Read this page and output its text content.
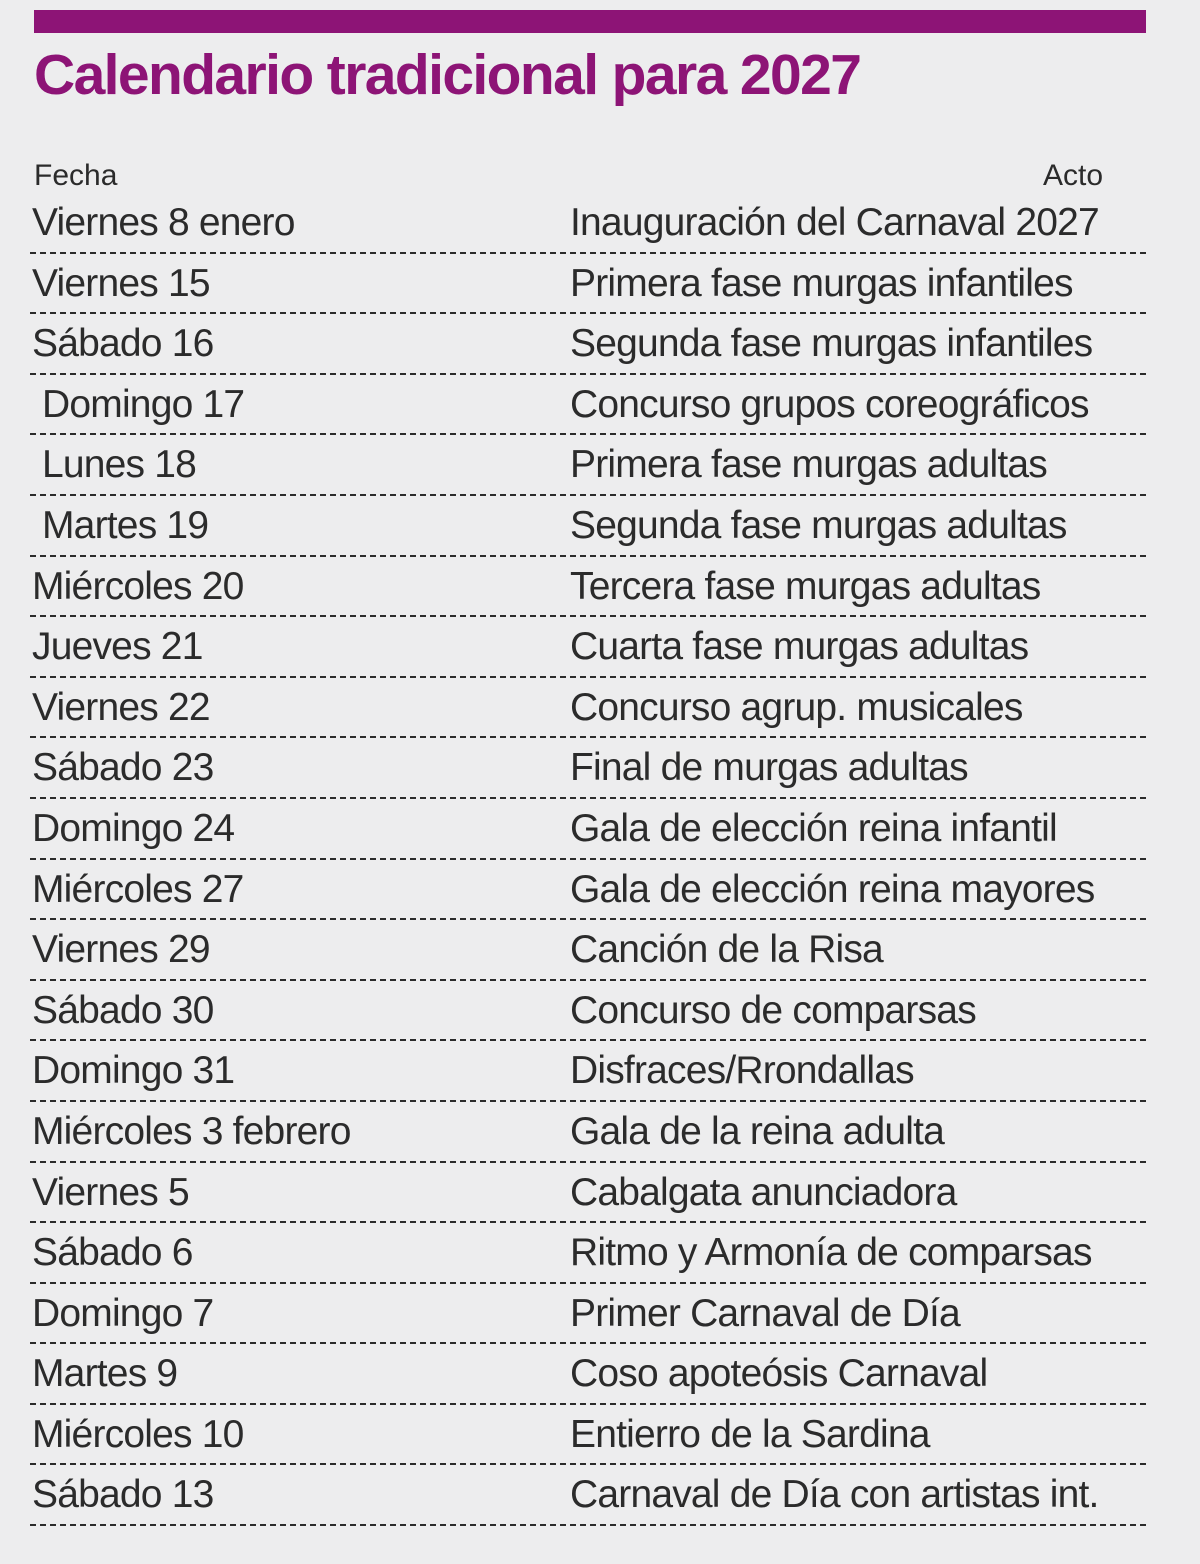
Calendario tradicional para 2027
Fecha	Acto
Viernes 8 enero	Inauguración del Carnaval 2027
Viernes 15	Primera fase murgas infantiles
Sábado 16	Segunda fase murgas infantiles
Domingo 17	Concurso grupos coreográficos
Lunes 18	Primera fase murgas adultas
Martes 19	Segunda fase murgas adultas
Miércoles 20	Tercera fase murgas adultas
Jueves 21	Cuarta fase murgas adultas
Viernes 22	Concurso agrup. musicales
Sábado 23	Final de murgas adultas
Domingo 24	Gala de elección reina infantil
Miércoles 27	Gala de elección reina mayores
Viernes 29	Canción de la Risa
Sábado 30	Concurso de comparsas
Domingo 31	Disfraces/Rrondallas
Miércoles 3 febrero	Gala de la reina adulta
Viernes 5	Cabalgata anunciadora
Sábado 6	Ritmo y Armonía de comparsas
Domingo 7	Primer Carnaval de Día
Martes 9	Coso apoteósis Carnaval
Miércoles 10	Entierro de la Sardina
Sábado 13	Carnaval de Día con artistas int.
